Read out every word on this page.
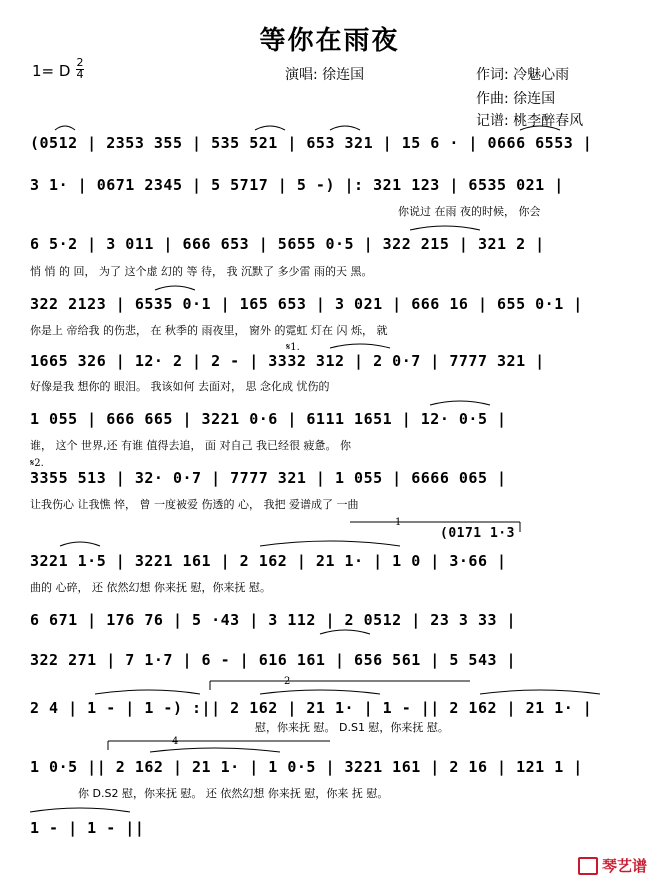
等你在雨夜
1= D 2
4	演唱: 徐连国	作词: 冷魅心雨
作曲: 徐连国
记谱: 桃李醉春风
(0512 | 2353 355 | 535 521 | 653 321 | 15 6 · | 0666 6553 |
3 1· | 0671 2345 | 5 5717 | 5 -) |: 321 123 | 6535 021 |
你说过 在雨 夜的时候， 你会
6 5·2 | 3 011 | 666 653 | 5655 0·5 | 322 215 | 321 2 |
悄 悄 的 回， 为了 这个虚 幻的 等 待， 我 沉默了 多少雷 雨的天 黑。
322 2123 | 6535 0·1 | 165 653 | 3 021 | 666 16 | 655 0·1 |
你是上 帝给我 的伤悲， 在 秋季的 雨夜里， 窗外 的霓虹 灯在 闪 烁， 就
1665 326 | 12· 2 | 2 - | 3332 312 | 2 0·7 | 7777 321 |
好像是我 想你的 眼泪。 我该如何 去面对， 思 念化成 忧伤的
1 055 | 666 665 | 3221 0·6 | 6111 1651 | 12· 0·5 |
谁， 这个 世界,还 有谁 值得去追， 面 对自己 我已经很 疲惫。 你
3355 513 | 32· 0·7 | 7777 321 | 1 055 | 6666 065 |
让我伤心 让我憔 悴， 曾 一度被爱 伤透的 心， 我把 爱谱成了 一曲
3221 1·5 | 3221 161 | 2 162 | 21 1· | 1 0 | 3·66 |
曲的 心碎， 还 依然幻想 你来抚 慰，你来抚 慰。
6 671 | 176 76 | 5 ·43 | 3 112 | 2 0512 | 23 3 33 |
322 271 | 7 1·7 | 6 - | 616 161 | 656 561 | 5 543 |
2 4 | 1 - | 1 -) :|| 2 162 | 21 1· | 1 - || 2 162 | 21 1· |
慰，你来抚 慰。 D.S1 慰，你来抚 慰。
1 0·5 || 2 162 | 21 1· | 1 0·5 | 3221 161 | 2 16 | 121 1 |
你 D.S2 慰，你来抚 慰。 还 依然幻想 你来抚 慰，你来 抚 慰。
1 - | 1 - ||
𝄋1.
𝄋2.
1
(0171 1·3
2
4
琴艺谱
